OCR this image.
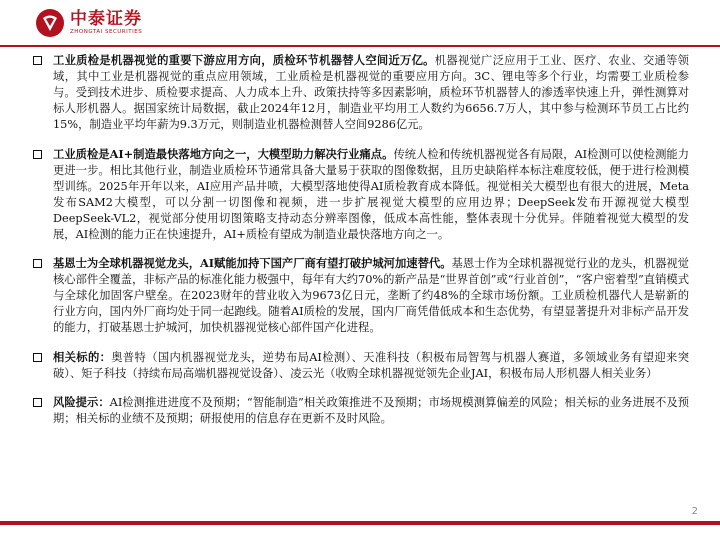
中泰证券
ZHONGTAI SECURITIES
工业质检是机器视觉的重要下游应用方向，质检环节机器替人空间近万亿。机器视觉广泛应用于工业、医疗、农业、交通等领域，其中工业是机器视觉的重点应用领域，工业质检是机器视觉的重要应用方向。3C、锂电等多个行业，均需要工业质检参与。受到技术进步、质检要求提高、人力成本上升、政策扶持等多因素影响，质检环节机器替人的渗透率快速上升，弹性测算对标人形机器人。据国家统计局数据，截止2024年12月，制造业平均用工人数约为6656.7万人，其中参与检测环节员工占比约15%，制造业平均年薪为9.3万元，则制造业机器检测替人空间9286亿元。
工业质检是AI+制造最快落地方向之一，大模型助力解决行业痛点。传统人检和传统机器视觉各有局限，AI检测可以使检测能力更进一步。相比其他行业，制造业质检环节通常具备大量易于获取的图像数据，且历史缺陷样本标注难度较低，便于进行检测模型训练。2025年开年以来，AI应用产品井喷，大模型落地使得AI质检教育成本降低。视觉相关大模型也有很大的进展，Meta发布SAM2大模型，可以分割一切图像和视频，进一步扩展视觉大模型的应用边界；DeepSeek发布开源视觉大模型DeepSeek-VL2，视觉部分使用切图策略支持动态分辨率图像，低成本高性能，整体表现十分优异。伴随着视觉大模型的发展，AI检测的能力正在快速提升，AI+质检有望成为制造业最快落地方向之一。
基恩士为全球机器视觉龙头，AI赋能加持下国产厂商有望打破护城河加速替代。基恩士作为全球机器视觉行业的龙头，机器视觉核心部件全覆盖，非标产品的标准化能力极强中，每年有大约70%的新产品是“世界首创”或“行业首创”，“客户密着型”直销模式与全球化加固客户壁垒。在2023财年的营业收入为9673亿日元，垄断了约48%的全球市场份额。工业质检机器代人是崭新的行业方向，国内外厂商均处于同一起跑线。随着AI质检的发展，国内厂商凭借低成本和生态优势，有望显著提升对非标产品开发的能力，打破基恩士护城河，加快机器视觉核心部件国产化进程。
相关标的：奥普特（国内机器视觉龙头，逆势布局AI检测）、天准科技（积极布局智驾与机器人赛道，多领域业务有望迎来突破）、矩子科技（持续布局高端机器视觉设备）、凌云光（收购全球机器视觉领先企业JAI，积极布局人形机器人相关业务）
风险提示：AI检测推进进度不及预期；“智能制造”相关政策推进不及预期；市场规模测算偏差的风险；相关标的业务进展不及预期；相关标的业绩不及预期；研报使用的信息存在更新不及时风险。
2
